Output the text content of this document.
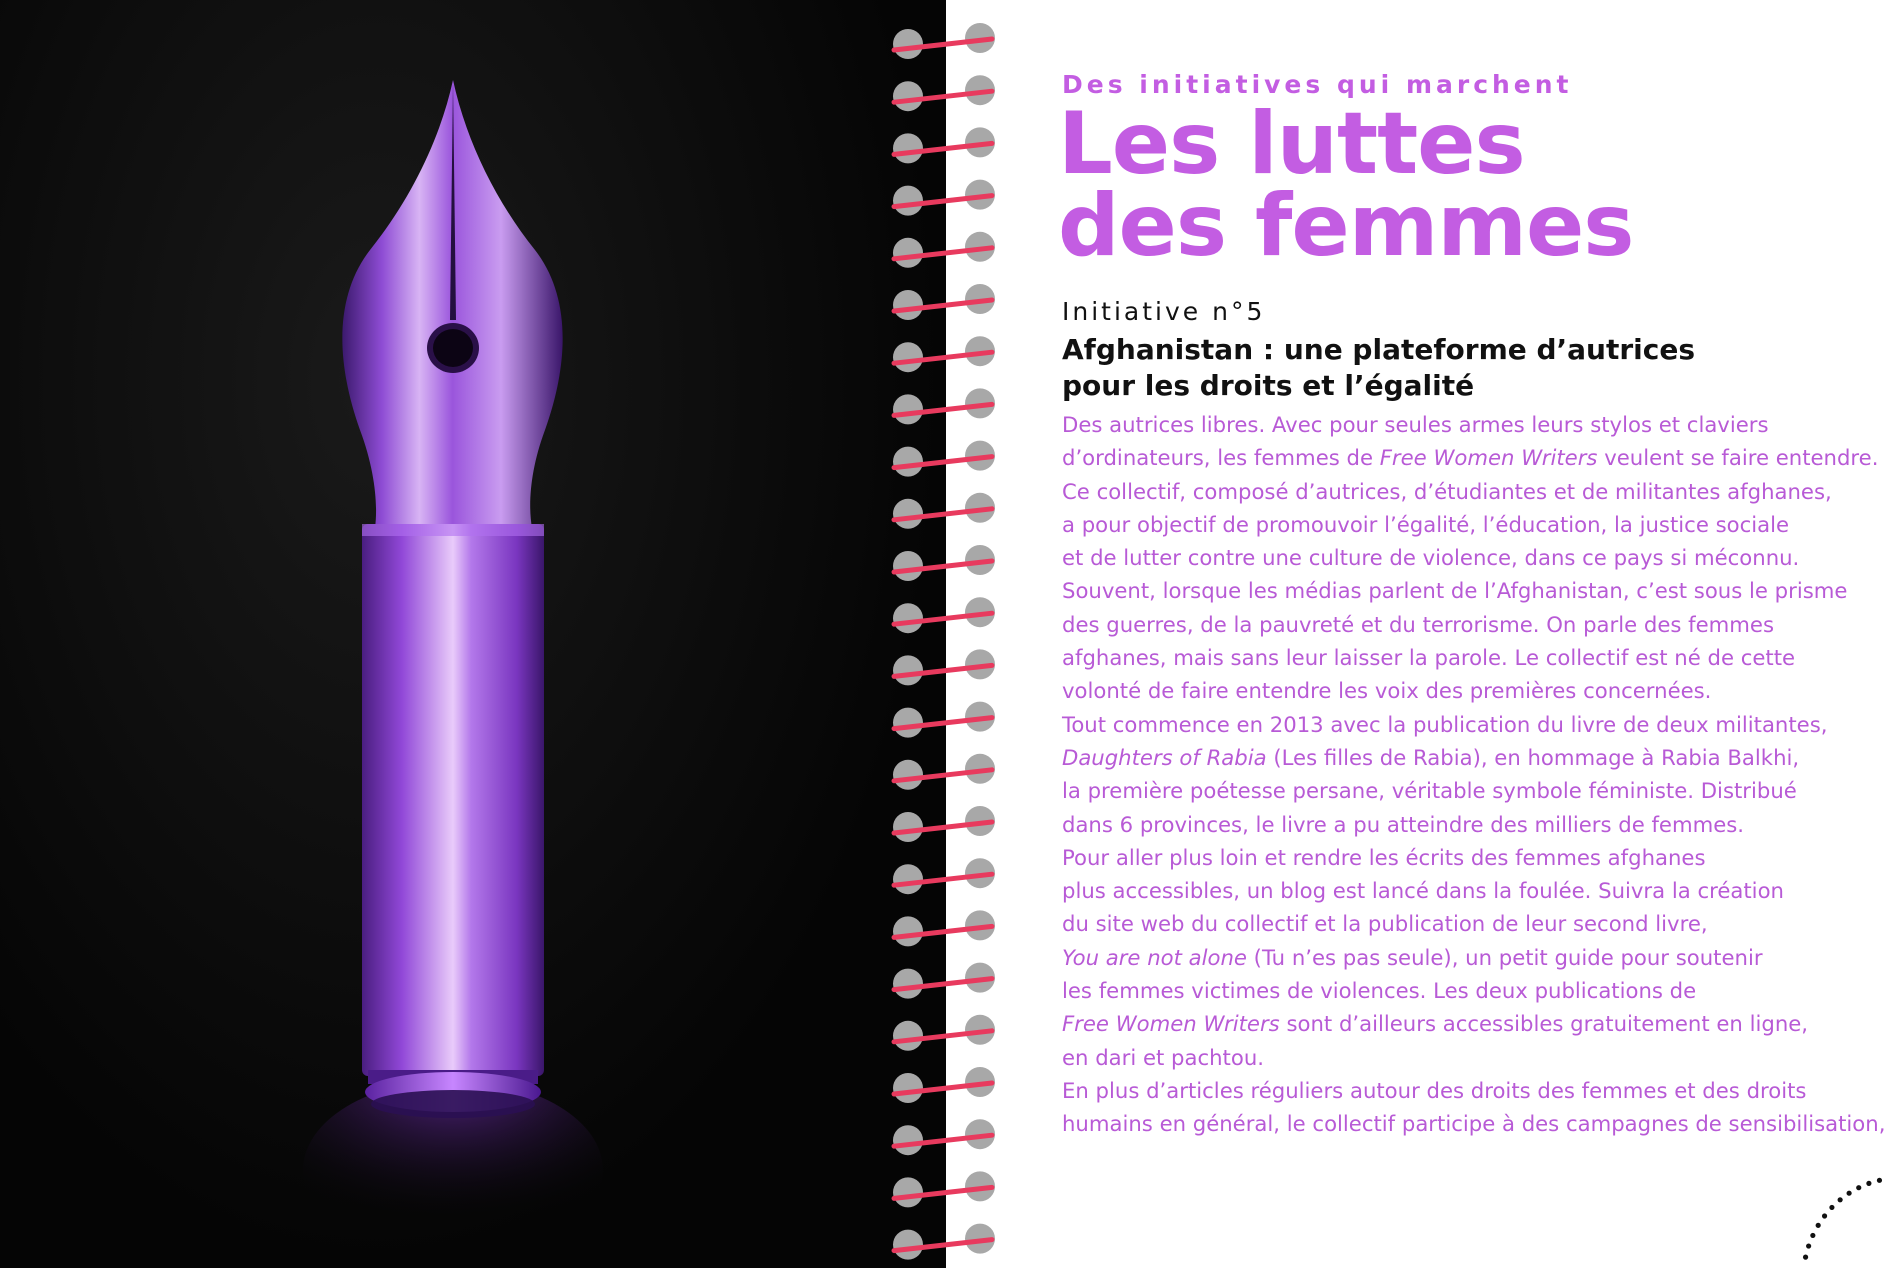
Des initiatives qui marchent

Les luttes
des femmes
Initiative n°5
Afghanistan : une plateforme d’autrices
pour les droits et l’égalité
Des autrices libres. Avec pour seules armes leurs stylos et claviers
d’ordinateurs, les femmes de Free Women Writers veulent se faire entendre.
Ce collectif, composé d’autrices, d’étudiantes et de militantes afghanes,
a pour objectif de promouvoir l’égalité, l’éducation, la justice sociale
et de lutter contre une culture de violence, dans ce pays si méconnu.
Souvent, lorsque les médias parlent de l’Afghanistan, c’est sous le prisme
des guerres, de la pauvreté et du terrorisme. On parle des femmes
afghanes, mais sans leur laisser la parole. Le collectif est né de cette
volonté de faire entendre les voix des premières concernées.
Tout commence en 2013 avec la publication du livre de deux militantes,
Daughters of Rabia (Les filles de Rabia), en hommage à Rabia Balkhi,
la première poétesse persane, véritable symbole féministe. Distribué
dans 6 provinces, le livre a pu atteindre des milliers de femmes.
Pour aller plus loin et rendre les écrits des femmes afghanes
plus accessibles, un blog est lancé dans la foulée. Suivra la création
du site web du collectif et la publication de leur second livre,
You are not alone (Tu n’es pas seule), un petit guide pour soutenir
les femmes victimes de violences. Les deux publications de
Free Women Writers sont d’ailleurs accessibles gratuitement en ligne,
en dari et pachtou.
En plus d’articles réguliers autour des droits des femmes et des droits
humains en général, le collectif participe à des campagnes de sensibilisation,
